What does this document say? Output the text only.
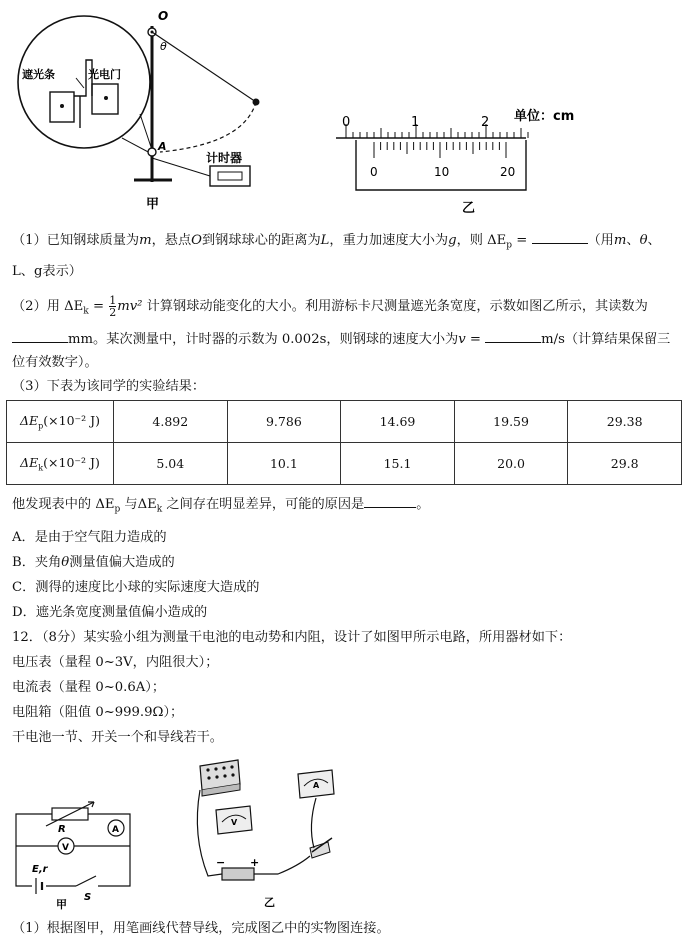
遮光条	光电门
计时器
O
θ
A
甲
0	1	2 单位：cm
0	10	20
乙
（1）已知钢球质量为m，悬点O到钢球球心的距离为L，重力加速度大小为g，则 $\Delta E_p$ =	（用m、θ、
L、g表示）
（2）用 $\Delta E_k = \frac{1}{2} mv^2$ 计算钢球动能变化的大小。利用游标卡尺测量遮光条宽度，示数如图乙所示，其读数为
mm。某次测量中，计时器的示数为 0.002s，则钢球的速度大小为v =	m/s（计算结果保留三
位有效数字）。
（3）下表为该同学的实验结果：
$\Delta E_p(\times 10^{-2}$ J)	4.892	9.786	14.69	19.59	29.38
$\Delta E_k(\times 10^{-2}$ J)	5.04	10.1	15.1	20.0	29.8
他发现表中的 $\Delta E_p$ 与$\Delta E_k$ 之间存在明显差异，可能的原因是	。
A．是由于空气阻力造成的
B．夹角θ测量值偏大造成的
C．测得的速度比小球的实际速度大造成的
D．遮光条宽度测量值偏小造成的
12．（8分）某实验小组为测量干电池的电动势和内阻，设计了如图甲所示电路，所用器材如下：
电压表（量程 0~3V，内阻很大）；
电流表（量程 0~0.6A）；
电阻箱（阻值 0~999.9Ω）；
干电池一节、开关一个和导线若干。
R	A
V
E,r
S
甲
A
V
− +
乙
（1）根据图甲，用笔画线代替导线，完成图乙中的实物图连接。
